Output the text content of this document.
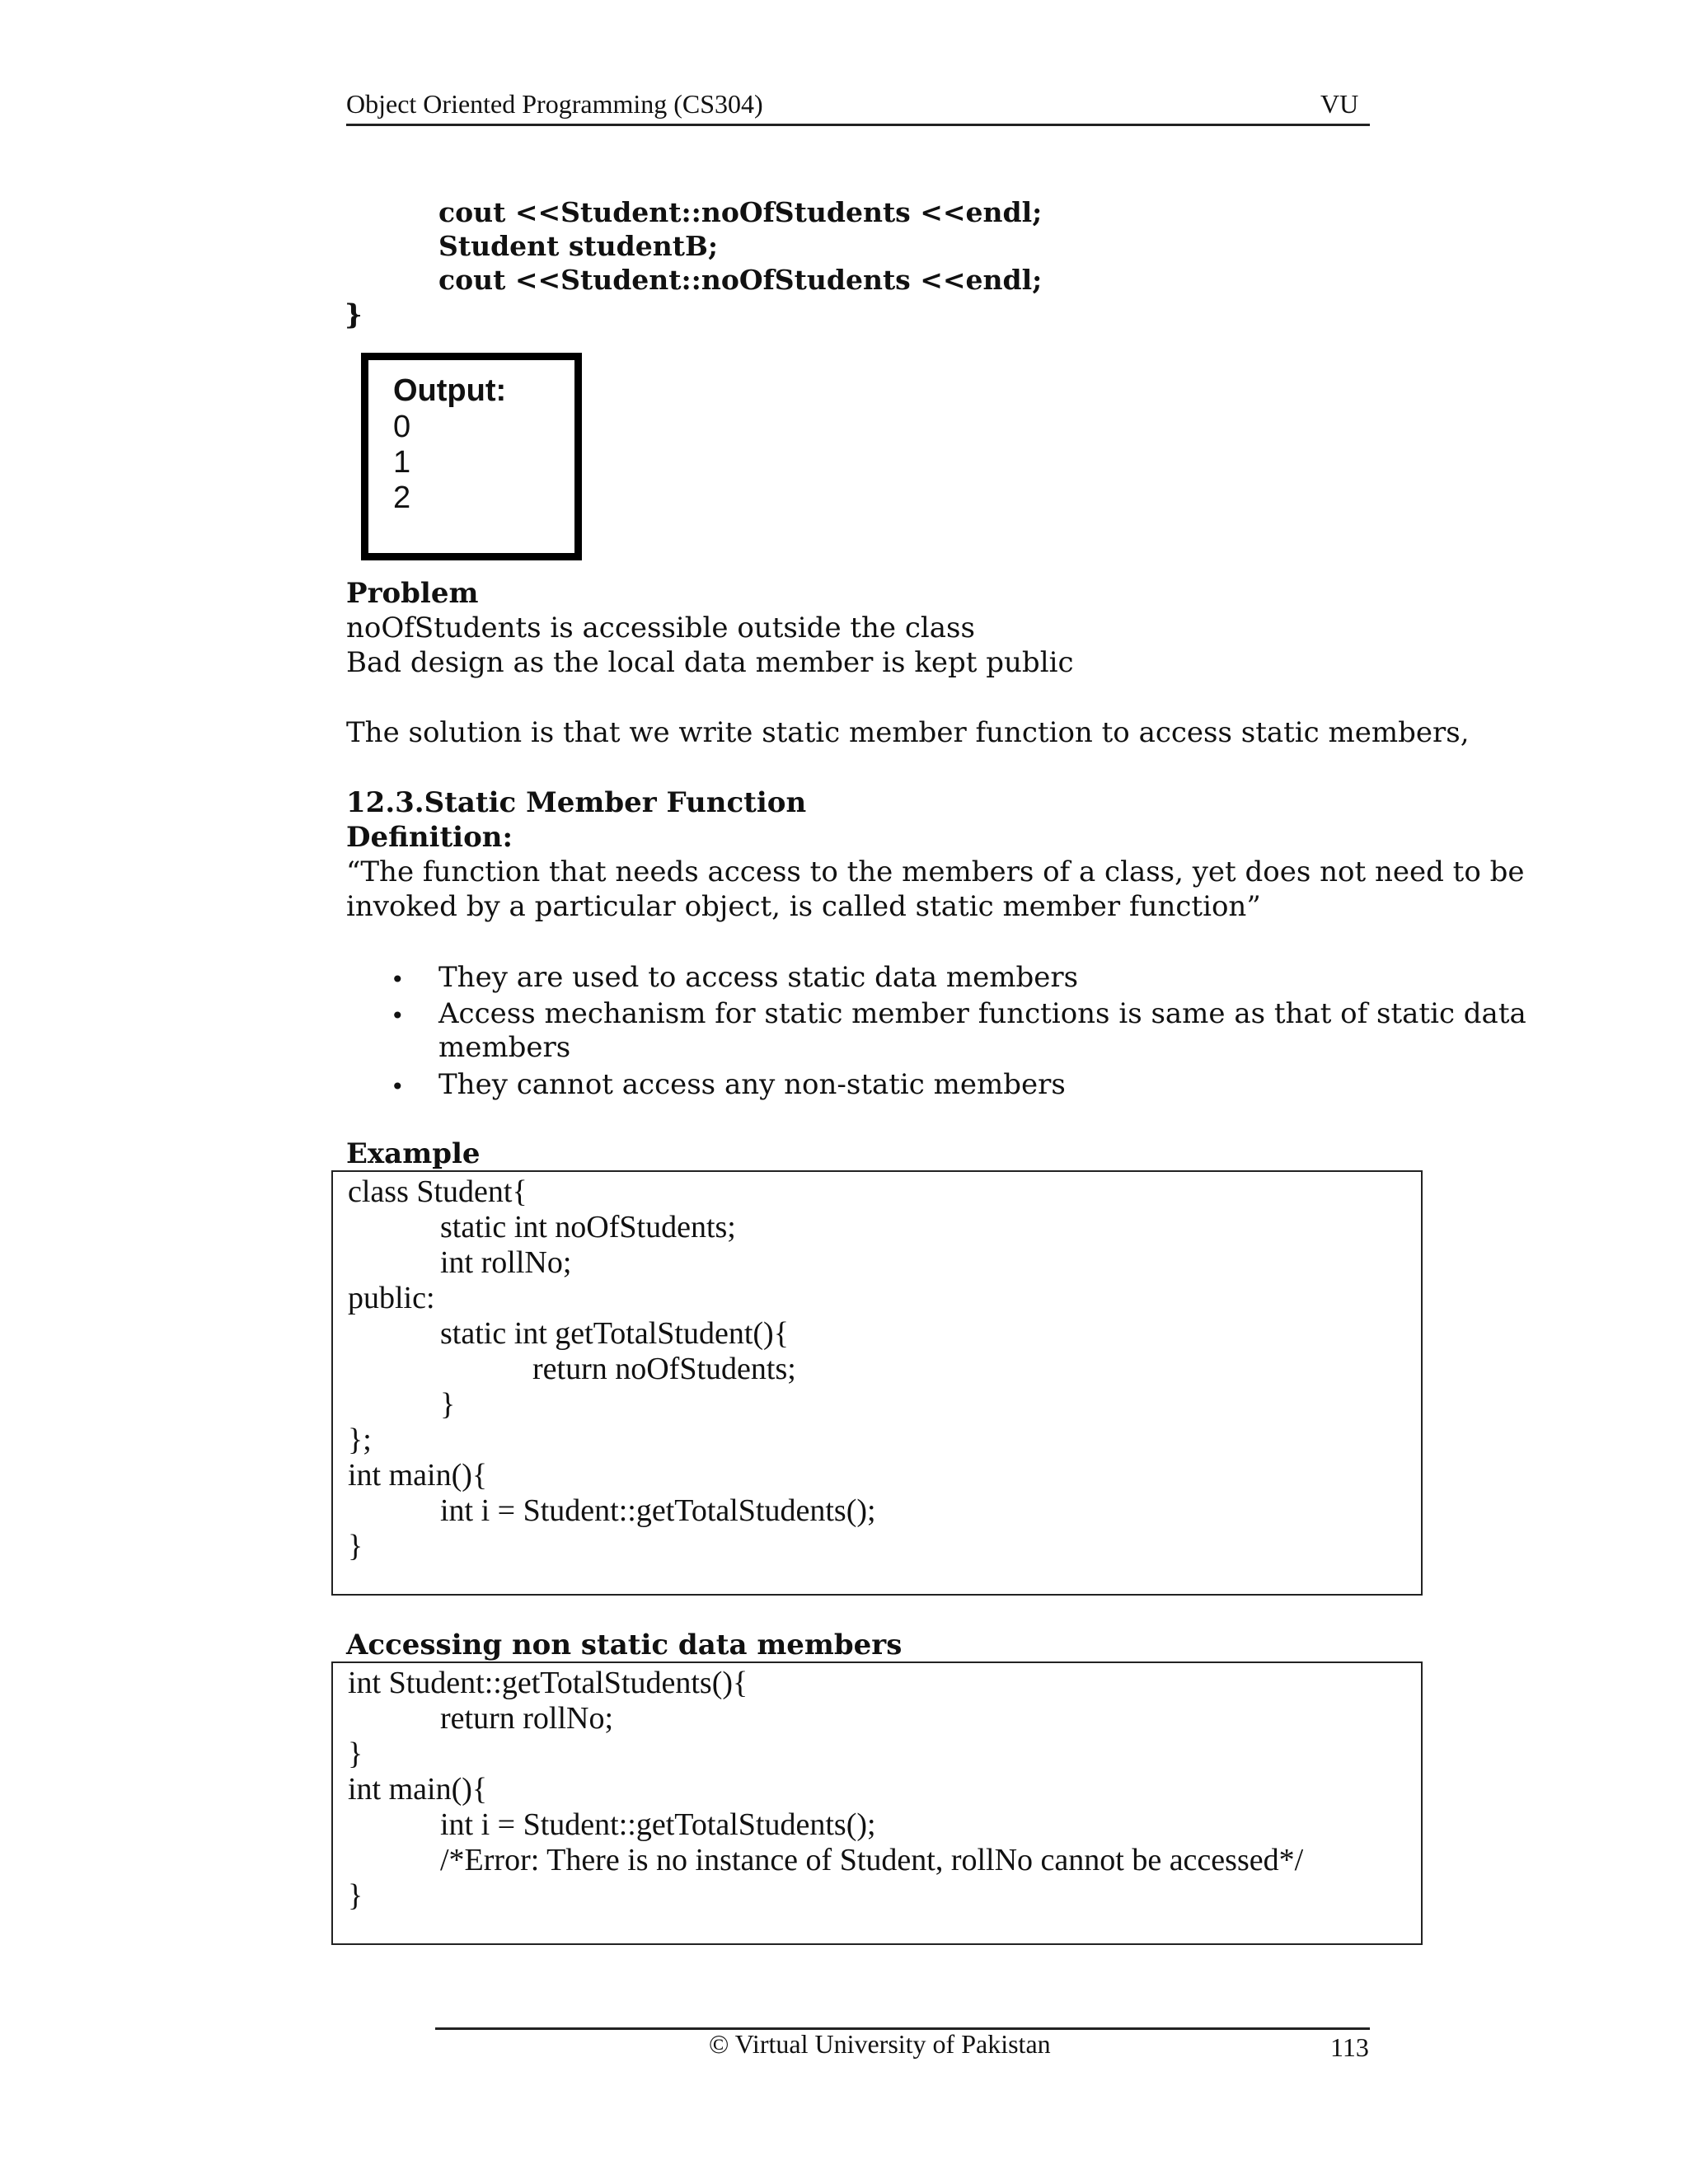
Object Oriented Programming (CS304)	VU
cout <<Student::noOfStudents <<endl;
Student studentB;
cout <<Student::noOfStudents <<endl;
}
Output:
0
1
2
Problem
noOfStudents is accessible outside the class
Bad design as the local data member is kept public
The solution is that we write static member function to access static members,
12.3.Static Member Function
Definition:
“The function that needs access to the members of a class, yet does not need to be
invoked by a particular object, is called static member function”
• They are used to access static data members
• Access mechanism for static member functions is same as that of static data
members
• They cannot access any non-static members
Example
class Student{
static int noOfStudents;
int rollNo;
public:
static int getTotalStudent(){
return noOfStudents;
}
};
int main(){
int i = Student::getTotalStudents();
}
Accessing non static data members
int Student::getTotalStudents(){
return rollNo;
}
int main(){
int i = Student::getTotalStudents();
/*Error: There is no instance of Student, rollNo cannot be accessed*/
}
© Virtual University of Pakistan	113
